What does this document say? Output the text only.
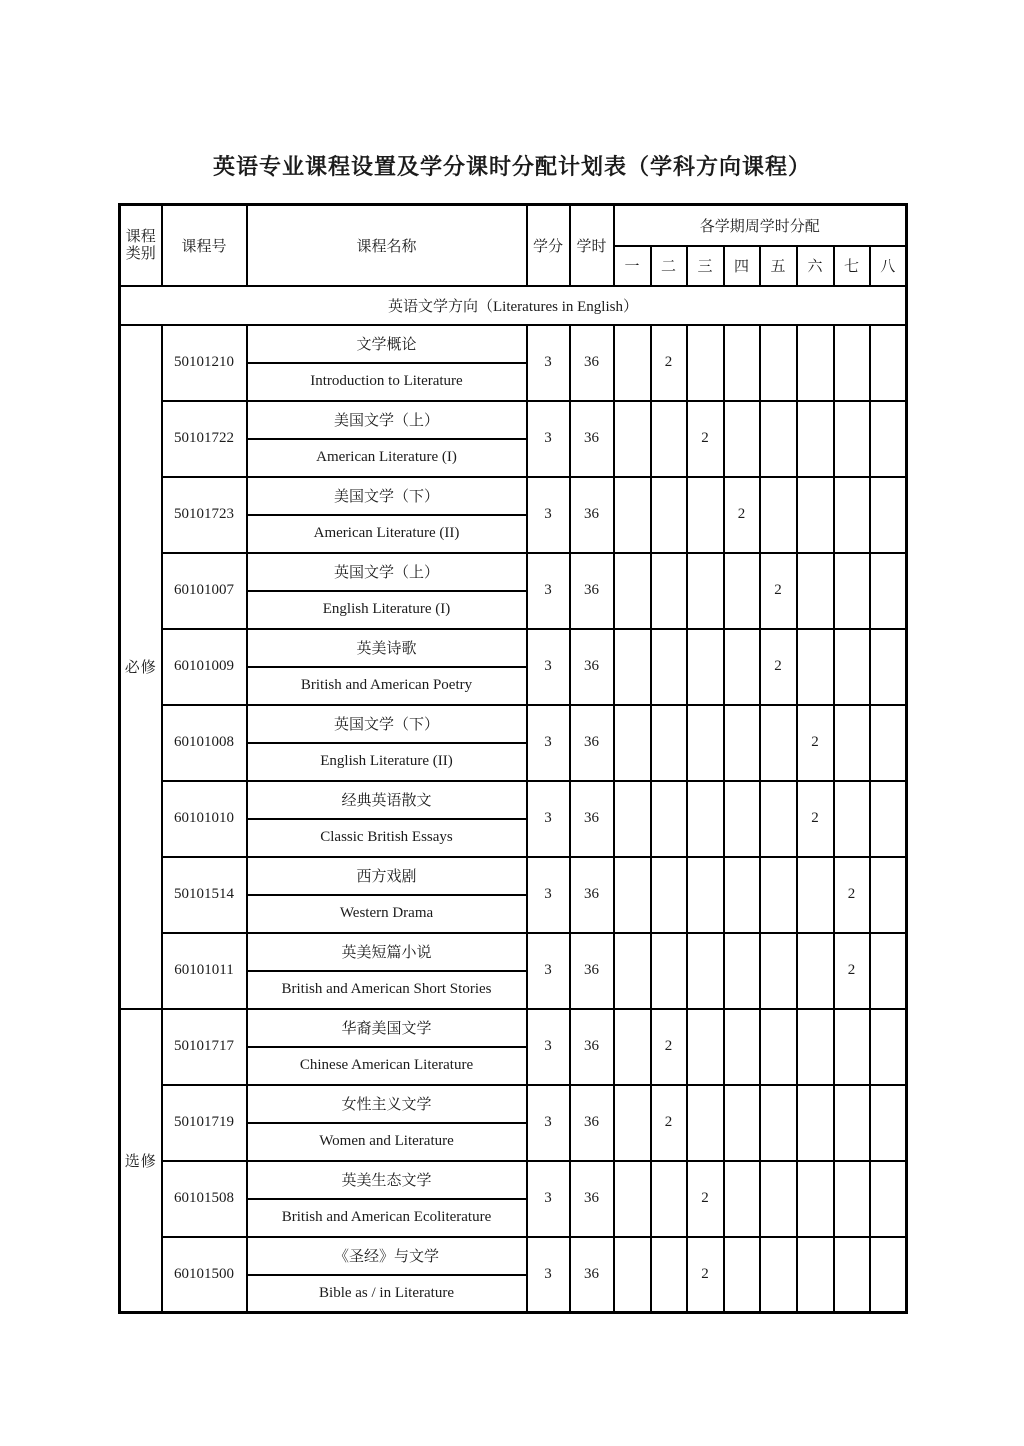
英语专业课程设置及学分课时分配计划表（学科方向课程）
课程类别	课程号	课程名称	学分	学时	各学期周学时分配							
					一	二	三	四	五	六	七	八
英语文学方向（Literatures in English）												
必修	50101210	文学概论	3	36		2						
		Introduction to Literature										
	50101722	美国文学（上）	3	36			2					
		American Literature (I)										
	50101723	美国文学（下）	3	36				2				
		American Literature (II)										
	60101007	英国文学（上）	3	36					2			
		English Literature (I)										
	60101009	英美诗歌	3	36					2			
		British and American Poetry										
	60101008	英国文学（下）	3	36						2		
		English Literature (II)										
	60101010	经典英语散文	3	36						2		
		Classic British Essays										
	50101514	西方戏剧	3	36							2	
		Western Drama										
	60101011	英美短篇小说	3	36							2	
		British and American Short Stories										
选修	50101717	华裔美国文学	3	36		2						
		Chinese American Literature										
	50101719	女性主义文学	3	36		2						
		Women and Literature										
	60101508	英美生态文学	3	36			2					
		British and American Ecoliterature										
	60101500	《圣经》与文学	3	36			2					
		Bible as / in Literature										
